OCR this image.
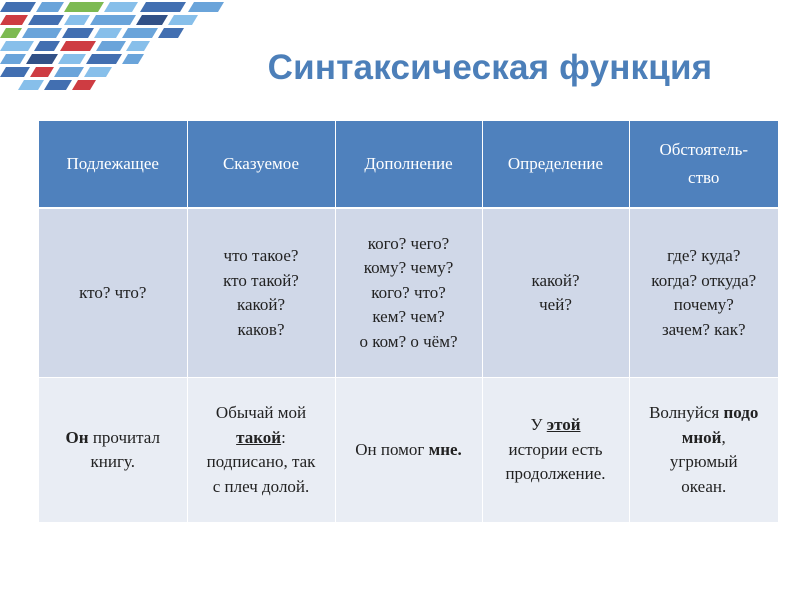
Синтаксическая функция
Подлежащее	Сказуемое	Дополнение	Определение	Обстоятель-
ство

кто? что?	что такое?
кто такой?
какой?
каков?	кого? чего?
кому? чему?
кого? что?
кем? чем?
о ком? о чём?	какой?
чей?	где? куда?
когда? откуда?
почему?
зачем? как?

Он прочитал
книгу.	Обычай мой
такой:
подписано, так
с плеч долой.	Он помог мне.	У этой
истории есть
продолжение.	Волнуйся подо
мной,
угрюмый
океан.
